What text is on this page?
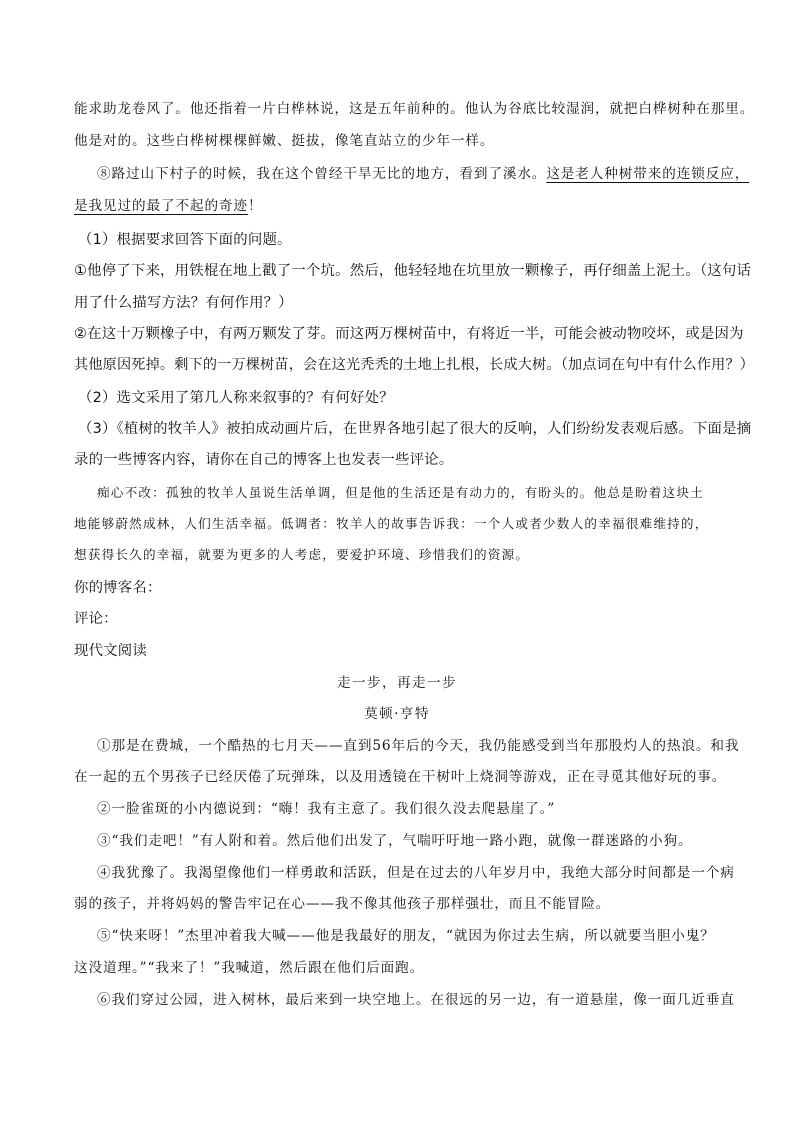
能求助龙卷风了。他还指着一片白桦林说，这是五年前种的。他认为谷底比较湿润，就把白桦树种在那里。
他是对的。这些白桦树棵棵鲜嫩、挺拔，像笔直站立的少年一样。
⑧路过山下村子的时候，我在这个曾经干旱无比的地方，看到了溪水。这是老人种树带来的连锁反应，
是我见过的最了不起的奇迹！
（1）根据要求回答下面的问题。
①他停了下来，用铁棍在地上戳了一个坑。然后，他轻轻地在坑里放一颗橡子，再仔细盖上泥土。（这句话
用了什么描写方法？有何作用？）
②在这十万颗橡子中，有两万颗发了芽。而这两万棵树苗中，有将近一半，可能会被动物咬坏，或是因为
其他原因死掉。剩下的一万棵树苗，会在这光秃秃的土地上扎根，长成大树。（加点词在句中有什么作用？）
（2）选文采用了第几人称来叙事的？有何好处？
（3）《植树的牧羊人》被拍成动画片后，在世界各地引起了很大的反响，人们纷纷发表观后感。下面是摘
录的一些博客内容，请你在自己的博客上也发表一些评论。
痴心不改：孤独的牧羊人虽说生活单调，但是他的生活还是有动力的，有盼头的。他总是盼着这块土
地能够蔚然成林，人们生活幸福。低调者：牧羊人的故事告诉我：一个人或者少数人的幸福很难维持的，
想获得长久的幸福，就要为更多的人考虑，要爱护环境、珍惜我们的资源。
你的博客名：
评论：
现代文阅读
走一步，再走一步
莫顿·亨特
①那是在费城，一个酷热的七月天——直到56年后的今天，我仍能感受到当年那股灼人的热浪。和我
在一起的五个男孩子已经厌倦了玩弹珠，以及用透镜在干树叶上烧洞等游戏，正在寻觅其他好玩的事。
②一脸雀斑的小内德说到：“嗨！我有主意了。我们很久没去爬悬崖了。”
③“我们走吧！”有人附和着。然后他们出发了，气喘吁吁地一路小跑，就像一群迷路的小狗。
④我犹豫了。我渴望像他们一样勇敢和活跃，但是在过去的八年岁月中，我绝大部分时间都是一个病
弱的孩子，并将妈妈的警告牢记在心——我不像其他孩子那样强壮，而且不能冒险。
⑤“快来呀！”杰里冲着我大喊——他是我最好的朋友，“就因为你过去生病，所以就要当胆小鬼？
这没道理。”“我来了！”我喊道，然后跟在他们后面跑。
⑥我们穿过公园，进入树林，最后来到一块空地上。在很远的另一边，有一道悬崖，像一面几近垂直
